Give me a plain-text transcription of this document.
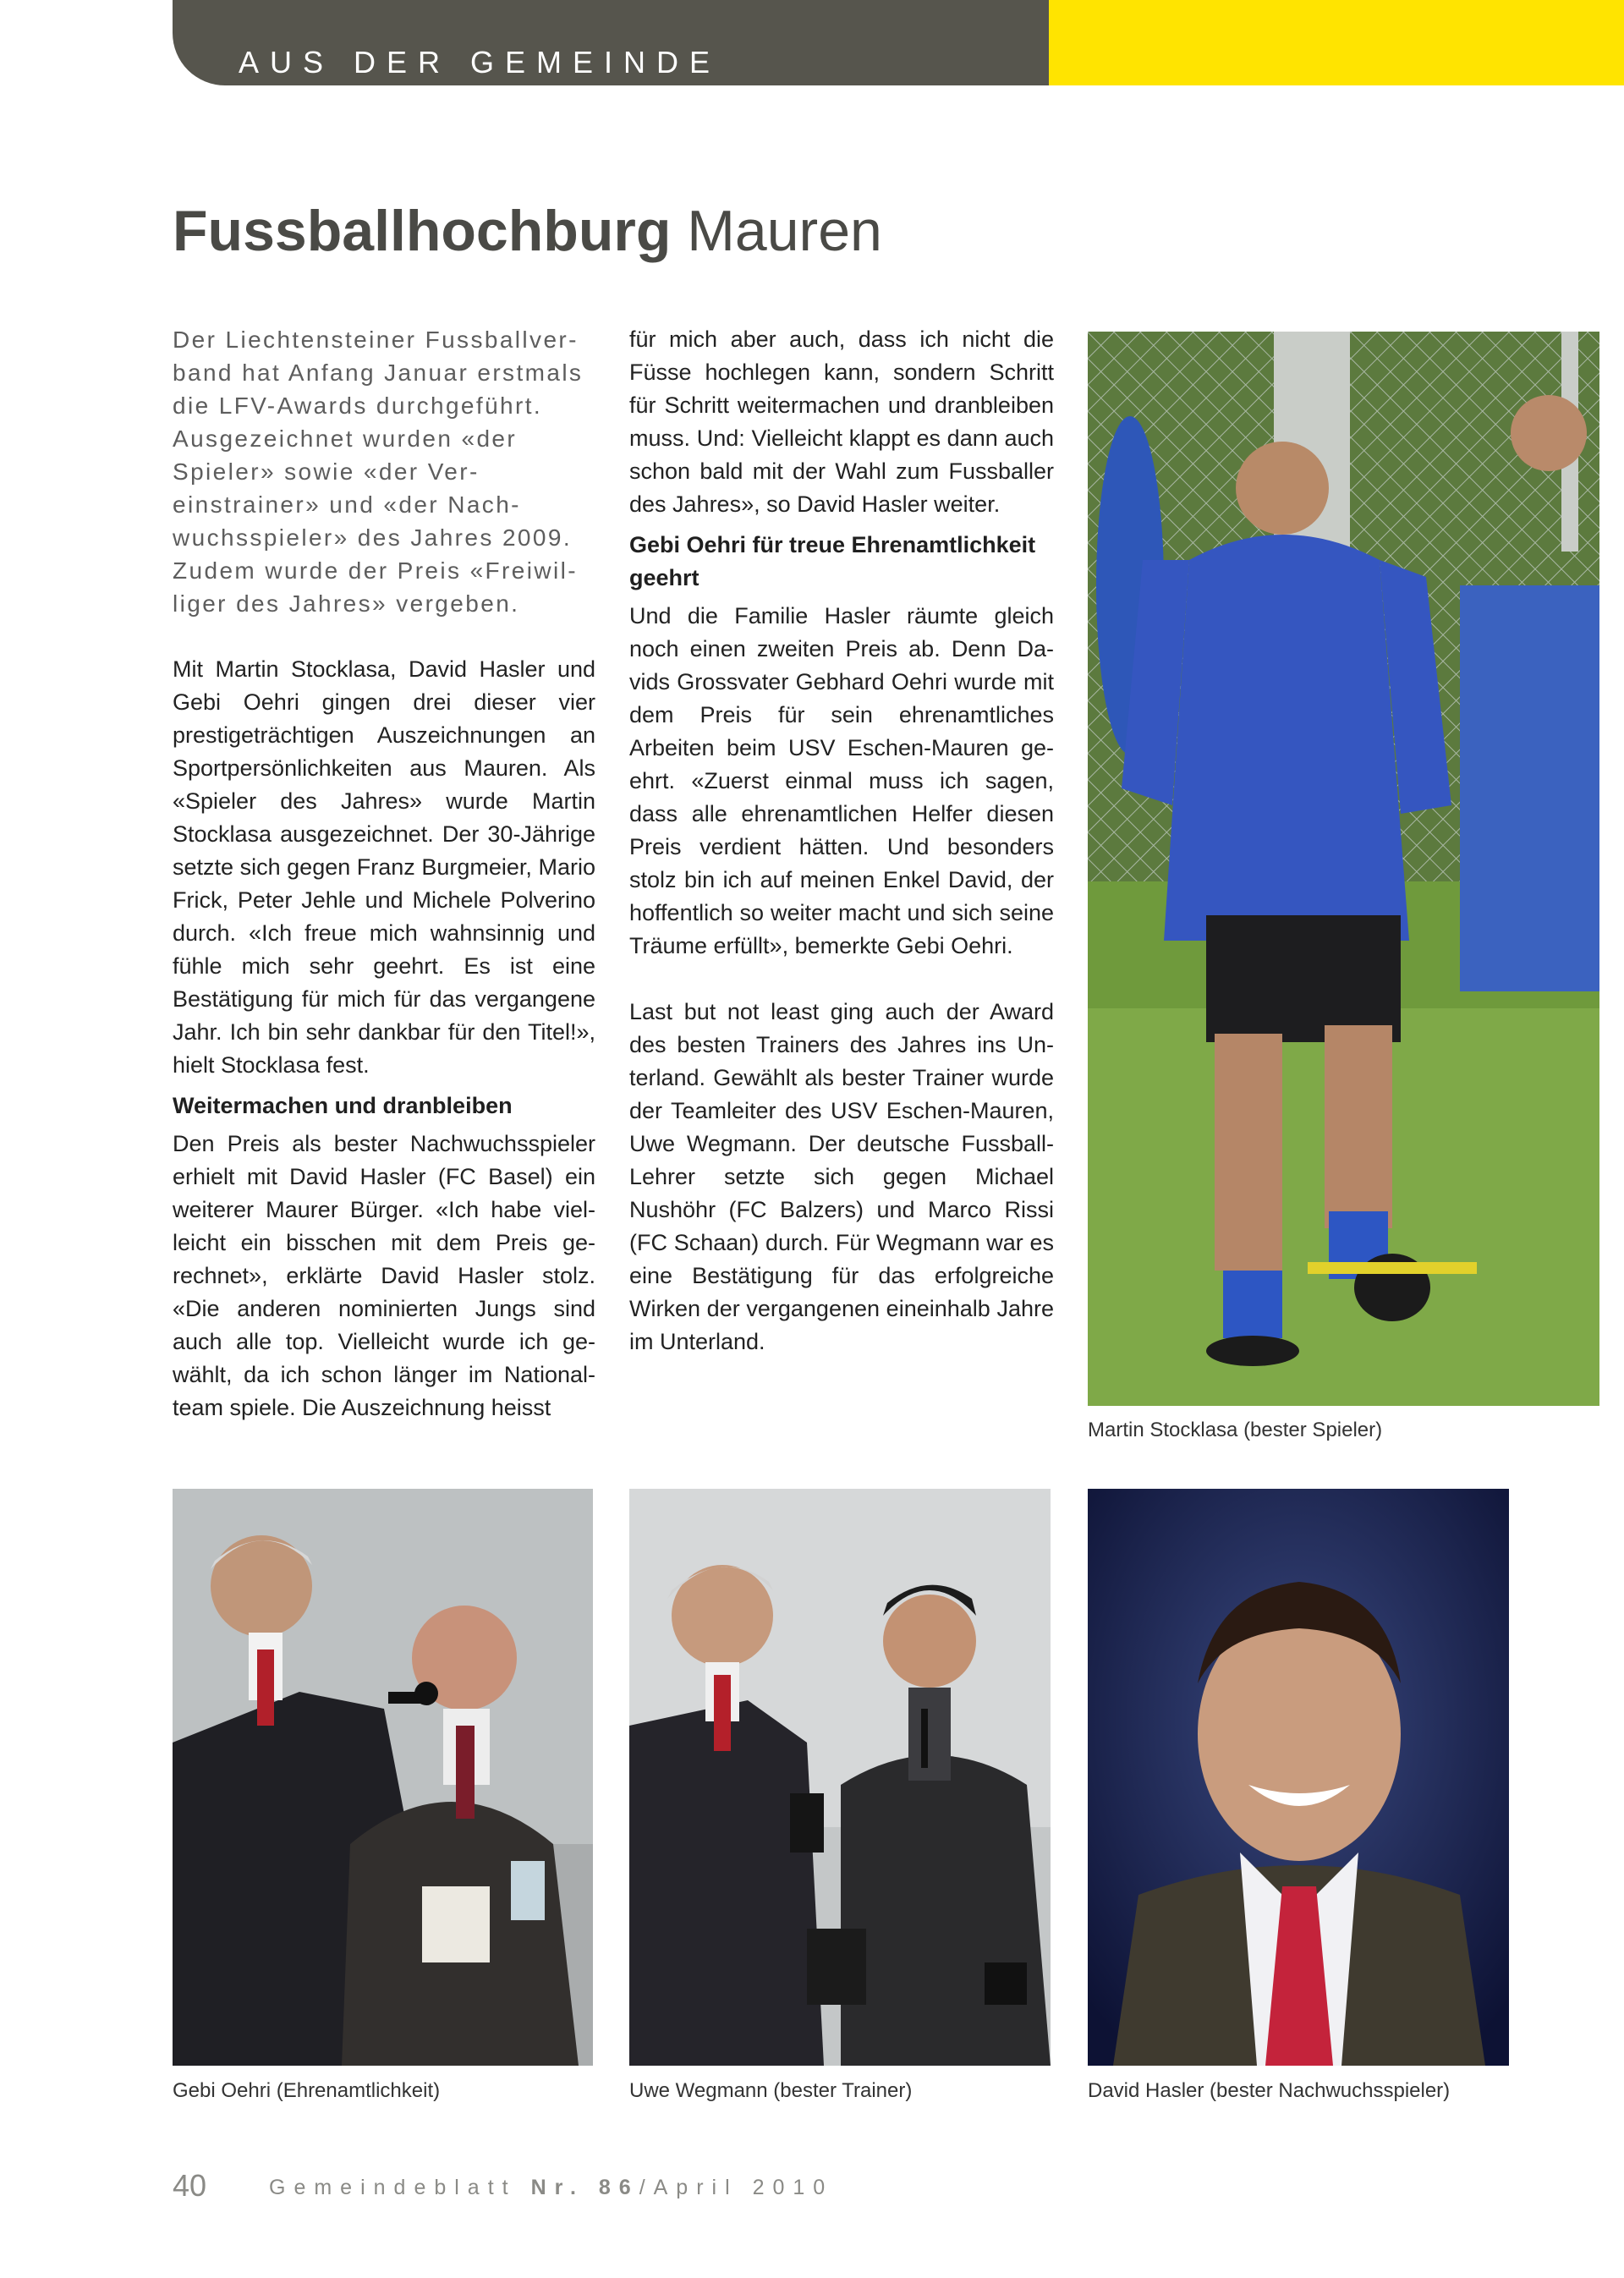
AUS DER GEMEINDE
Fussballhochburg Mauren

Der Liechtensteiner Fussballverband hat Anfang Januar erstmals die LFV-Awards durchgeführt. Ausgezeichnet wurden «der Spieler» sowie «der Vereinstrainer» und «der Nachwuchsspieler» des Jahres 2009. Zudem wurde der Preis «Freiwilliger des Jahres» vergeben.

Mit Martin Stocklasa, David Hasler und Gebi Oehri gingen drei dieser vier prestigeträchtigen Auszeichnungen an Sportpersönlichkeiten aus Mauren. Als «Spieler des Jahres» wurde Martin Stocklasa ausgezeichnet. Der 30-Jährige setzte sich gegen Franz Burgmeier, Mario Frick, Peter Jehle und Michele Polverino durch. «Ich freue mich wahnsinnig und fühle mich sehr geehrt. Es ist eine Bestätigung für mich für das vergangene Jahr. Ich bin sehr dankbar für den Titel!», hielt Stocklasa fest.

Weitermachen und dranbleiben

Den Preis als bester Nachwuchsspieler erhielt mit David Hasler (FC Basel) ein weiterer Maurer Bürger. «Ich habe vielleicht ein bisschen mit dem Preis gerechnet», erklärte David Hasler stolz. «Die anderen nominierten Jungs sind auch alle top. Vielleicht wurde ich gewählt, da ich schon länger im Nationalteam spiele. Die Auszeichnung heisst

für mich aber auch, dass ich nicht die Füsse hochlegen kann, sondern Schritt für Schritt weitermachen und dranbleiben muss. Und: Vielleicht klappt es dann auch schon bald mit der Wahl zum Fussballer des Jahres», so David Hasler weiter.

Gebi Oehri für treue Ehrenamtlichkeit geehrt

Und die Familie Hasler räumte gleich noch einen zweiten Preis ab. Denn Davids Grossvater Gebhard Oehri wurde mit dem Preis für sein ehrenamtliches Arbeiten beim USV Eschen-Mauren geehrt. «Zuerst einmal muss ich sagen, dass alle ehrenamtlichen Helfer diesen Preis verdient hätten. Und besonders stolz bin ich auf meinen Enkel David, der hoffentlich so weiter macht und sich seine Träume erfüllt», bemerkte Gebi Oehri.

Last but not least ging auch der Award des besten Trainers des Jahres ins Unterland. Gewählt als bester Trainer wurde der Teamleiter des USV Eschen-Mauren, Uwe Wegmann. Der deutsche Fussball-Lehrer setzte sich gegen Michael Nushöhr (FC Balzers) und Marco Rissi (FC Schaan) durch. Für Wegmann war es eine Bestätigung für das erfolgreiche Wirken der vergangenen eineinhalb Jahre im Unterland.

Martin Stocklasa (bester Spieler)
Gebi Oehri (Ehrenamtlichkeit)	Uwe Wegmann (bester Trainer)	David Hasler (bester Nachwuchsspieler)
40	Gemeindeblatt Nr. 86/April 2010
